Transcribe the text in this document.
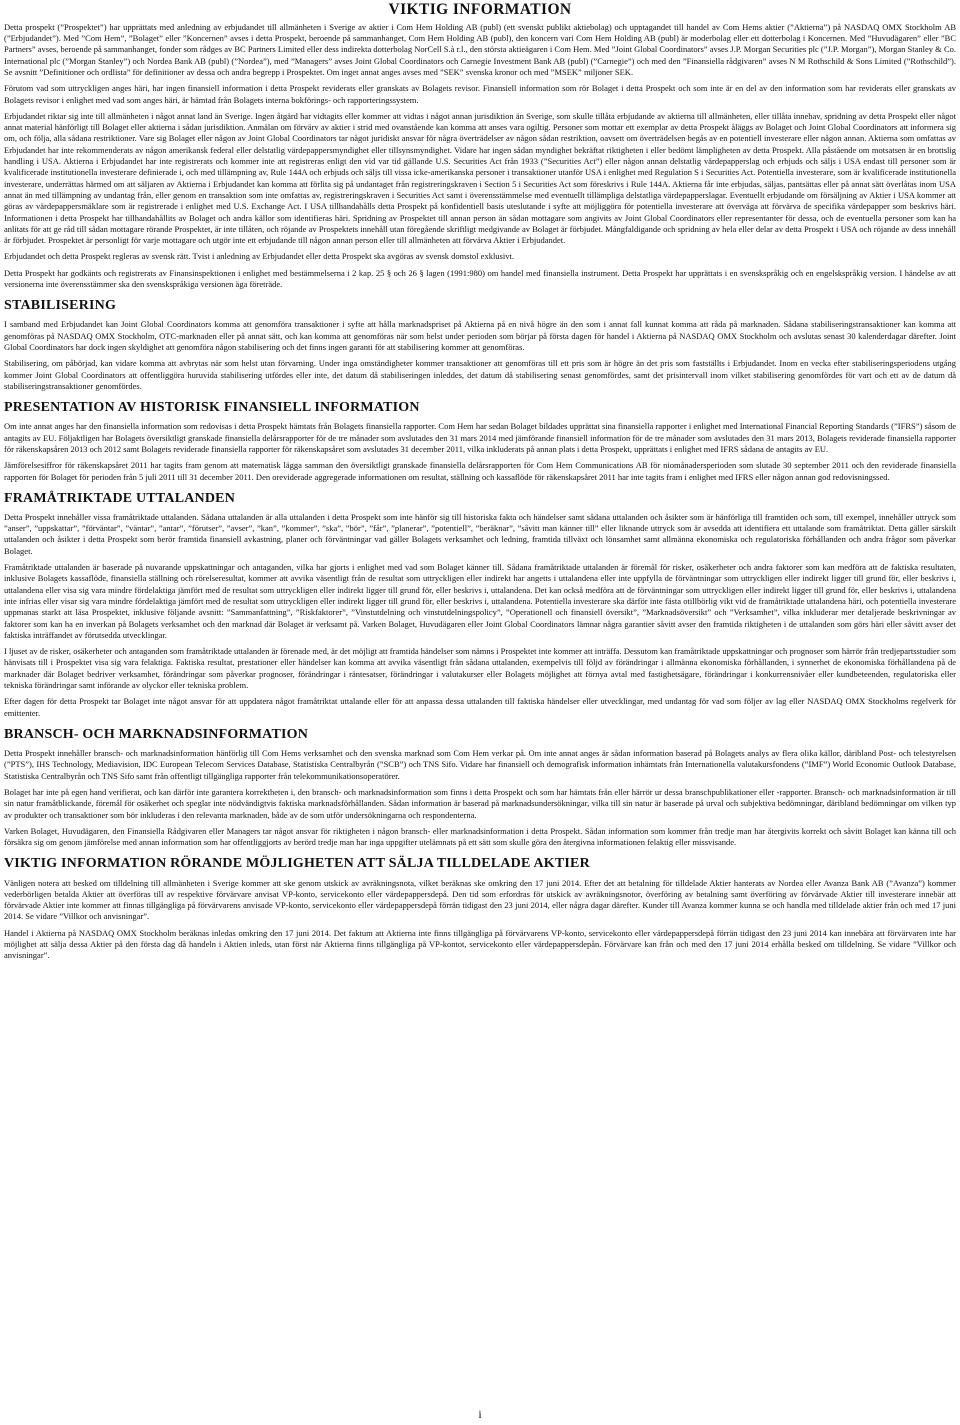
VIKTIG INFORMATION

Detta prospekt (”Prospektet”) har upprättats med anledning av erbjudandet till allmänheten i Sverige av aktier i Com Hem Holding AB (publ) (ett svenskt publikt aktiebolag) och upptagandet till handel av Com Hems aktier (”Aktierna”) på NASDAQ OMX Stockholm AB (”Erbjudandet”). Med ”Com Hem”, ”Bolaget” eller ”Koncernen” avses i detta Prospekt, beroende på sammanhanget, Com Hem Holding AB (publ), den koncern vari Com Hem Holding AB (publ) är moderbolag eller ett dotterbolag i Koncernen. Med ”Huvudägaren” eller ”BC Partners” avses, beroende på sammanhanget, fonder som rådges av BC Partners Limited eller dess indirekta dotterbolag NorCell S.à r.l., den största aktieägaren i Com Hem. Med ”Joint Global Coordinators” avses J.P. Morgan Securities plc (”J.P. Morgan”), Morgan Stanley & Co. International plc (”Morgan Stanley”) och Nordea Bank AB (publ) (”Nordea”), med ”Managers” avses Joint Global Coordinators och Carnegie Investment Bank AB (publ) (”Carnegie”) och med den ”Finansiella rådgivaren” avses N M Rothschild & Sons Limited (”Rothschild”). Se avsnitt ”Definitioner och ordlista” för definitioner av dessa och andra begrepp i Prospektet. Om inget annat anges avses med ”SEK” svenska kronor och med ”MSEK” miljoner SEK.

Förutom vad som uttryckligen anges häri, har ingen finansiell information i detta Prospekt reviderats eller granskats av Bolagets revisor. Finansiell information som rör Bolaget i detta Prospekt och som inte är en del av den information som har reviderats eller granskats av Bolagets revisor i enlighet med vad som anges häri, är hämtad från Bolagets interna bokförings- och rapporteringssystem.

Erbjudandet riktar sig inte till allmänheten i något annat land än Sverige. Ingen åtgärd har vidtagits eller kommer att vidtas i något annan jurisdiktion än Sverige, som skulle tillåta erbjudande av aktierna till allmänheten, eller tillåta innehav, spridning av detta Prospekt eller något annat material hänförligt till Bolaget eller aktierna i sådan jurisdiktion. Anmälan om förvärv av aktier i strid med ovanstående kan komma att anses vara ogiltig. Personer som mottar ett exemplar av detta Prospekt åläggs av Bolaget och Joint Global Coordinators att informera sig om, och följa, alla sådana restriktioner. Vare sig Bolaget eller någon av Joint Global Coordinators tar något juridiskt ansvar för några överträdelser av någon sådan restriktion, oavsett om överträdelsen begås av en potentiell investerare eller någon annan. Aktierna som omfattas av Erbjudandet har inte rekommenderats av någon amerikansk federal eller delstatlig värdepappersmyndighet eller tillsynsmyndighet. Vidare har ingen sådan myndighet bekräftat riktigheten i eller bedömt lämpligheten av detta Prospekt. Alla påstående om motsatsen är en brottslig handling i USA. Aktierna i Erbjudandet har inte registrerats och kommer inte att registreras enligt den vid var tid gällande U.S. Securities Act från 1933 (”Securities Act”) eller någon annan delstatlig värdepapperslag och erbjuds och säljs i USA endast till personer som är kvalificerade institutionella investerare definierade i, och med tillämpning av, Rule 144A och erbjuds och säljs till vissa icke-amerikanska personer i transaktioner utanför USA i enlighet med Regulation S i Securities Act. Potentiella investerare, som är kvalificerade institutionella investerare, underrättas härmed om att säljaren av Aktierna i Erbjudandet kan komma att förlita sig på undantaget från registreringskraven i Section 5 i Securities Act som föreskrivs i Rule 144A. Aktierna får inte erbjudas, säljas, pantsättas eller på annat sätt överlåtas inom USA annat än med tillämpning av undantag från, eller genom en transaktion som inte omfattas av, registreringskraven i Securities Act samt i överensstämmelse med eventuellt tillämpliga delstatliga värdepapperslagar. Eventuellt erbjudande om försäljning av Aktier i USA kommer att göras av värdepappersmäklare som är registrerade i enlighet med U.S. Exchange Act. I USA tillhandahålls detta Prospekt på konfidentiell basis uteslutande i syfte att möjliggöra för potentiella investerare att överväga att förvärva de specifika värdepapper som beskrivs häri. Informationen i detta Prospekt har tillhandahållits av Bolaget och andra källor som identifieras häri. Spridning av Prospektet till annan person än sådan mottagare som angivits av Joint Global Coordinators eller representanter för dessa, och de eventuella personer som kan ha anlitats för att ge råd till sådan mottagare rörande Prospektet, är inte tillåten, och röjande av Prospektets innehåll utan föregående skriftligt medgivande av Bolaget är förbjudet. Mångfaldigande och spridning av hela eller delar av detta Prospekt i USA och röjande av dess innehåll är förbjudet. Prospektet är personligt för varje mottagare och utgör inte ett erbjudande till någon annan person eller till allmänheten att förvärva Aktier i Erbjudandet.

Erbjudandet och detta Prospekt regleras av svensk rätt. Tvist i anledning av Erbjudandet eller detta Prospekt ska avgöras av svensk domstol exklusivt.

Detta Prospekt har godkänts och registrerats av Finansinspektionen i enlighet med bestämmelserna i 2 kap. 25 § och 26 § lagen (1991:980) om handel med finansiella instrument. Detta Prospekt har upprättats i en svenskspråkig och en engelskspråkig version. I händelse av att versionerna inte överensstämmer ska den svenskspråkiga versionen äga företräde.

STABILISERING

I samband med Erbjudandet kan Joint Global Coordinators komma att genomföra transaktioner i syfte att hålla marknadspriset på Aktierna på en nivå högre än den som i annat fall kunnat komma att råda på marknaden. Sådana stabiliseringstransaktioner kan komma att genomföras på NASDAQ OMX Stockholm, OTC-marknaden eller på annat sätt, och kan komma att genomföras när som helst under perioden som börjar på första dagen för handel i Aktierna på NASDAQ OMX Stockholm och avslutas senast 30 kalenderdagar därefter. Joint Global Coordinators har dock ingen skyldighet att genomföra någon stabilisering och det finns ingen garanti för att stabilisering kommer att genomföras.

Stabilisering, om påbörjad, kan vidare komma att avbrytas när som helst utan förvarning. Under inga omständigheter kommer transaktioner att genomföras till ett pris som är högre än det pris som fastställts i Erbjudandet. Inom en vecka efter stabiliseringsperiodens utgång kommer Joint Global Coordinators att offentliggöra huruvida stabilisering utfördes eller inte, det datum då stabiliseringen inleddes, det datum då stabilisering senast genomfördes, samt det prisintervall inom vilket stabilisering genomfördes för vart och ett av de datum då stabiliseringstransaktioner genomfördes.

PRESENTATION AV HISTORISK FINANSIELL INFORMATION

Om inte annat anges har den finansiella information som redovisas i detta Prospekt hämtats från Bolagets finansiella rapporter. Com Hem har sedan Bolaget bildades upprättat sina finansiella rapporter i enlighet med International Financial Reporting Standards (”IFRS”) såsom de antagits av EU. Följaktligen har Bolagets översiktligt granskade finansiella delårsrapporter för de tre månader som avslutades den 31 mars 2014 med jämförande finansiell information för de tre månader som avslutades den 31 mars 2013, Bolagets reviderade finansiella rapporter för räkenskapsåren 2013 och 2012 samt Bolagets reviderade finansiella rapporter för räkenskapsåret som avslutades 31 december 2011, vilka inkluderats på annan plats i detta Prospekt, upprättats i enlighet med IFRS sådana de antagits av EU.

Jämförelsesiffror för räkenskapsåret 2011 har tagits fram genom att matematisk lägga samman den översiktligt granskade finansiella delårsrapporten för Com Hem Communications AB för niomånadersperioden som slutade 30 september 2011 och den reviderade finansiella rapporten för Bolaget för perioden från 5 juli 2011 till 31 december 2011. Den oreviderade aggregerade informationen om resultat, ställning och kassaflöde för räkenskapsåret 2011 har inte tagits fram i enlighet med IFRS eller någon annan god redovisningssed.

FRAMÅTRIKTADE UTTALANDEN

Detta Prospekt innehåller vissa framåtriktade uttalanden. Sådana uttalanden är alla uttalanden i detta Prospekt som inte hänför sig till historiska fakta och händelser samt sådana uttalanden och åsikter som är hänförliga till framtiden och som, till exempel, innehåller uttryck som ”anser”, ”uppskattar”, ”förväntar”, ”väntar”, ”antar”, ”förutser”, ”avser”, ”kan”, ”kommer”, ”ska”, ”bör”, ”får”, ”planerar”, ”potentiell”, ”beräknar”, ”såvitt man känner till” eller liknande uttryck som är avsedda att identifiera ett uttalande som framåtriktat. Detta gäller särskilt uttalanden och åsikter i detta Prospekt som berör framtida finansiell avkastning, planer och förväntningar vad gäller Bolagets verksamhet och ledning, framtida tillväxt och lönsamhet samt allmänna ekonomiska och regulatoriska förhållanden och andra frågor som påverkar Bolaget.

Framåtriktade uttalanden är baserade på nuvarande uppskattningar och antaganden, vilka har gjorts i enlighet med vad som Bolaget känner till. Sådana framåtriktade uttalanden är föremål för risker, osäkerheter och andra faktorer som kan medföra att de faktiska resultaten, inklusive Bolagets kassaflöde, finansiella ställning och rörelseresultat, kommer att avvika väsentligt från de resultat som uttryckligen eller indirekt har angetts i uttalandena eller inte uppfylla de förväntningar som uttryckligen eller indirekt ligger till grund för, eller beskrivs i, uttalandena eller visa sig vara mindre fördelaktiga jämfört med de resultat som uttryckligen eller indirekt ligger till grund för, eller beskrivs i, uttalandena. Det kan också medföra att de förväntningar som uttryckligen eller indirekt ligger till grund för, eller beskrivs i, uttalandena inte infrias eller visar sig vara mindre fördelaktiga jämfört med de resultat som uttryckligen eller indirekt ligger till grund för, eller beskrivs i, uttalandena. Potentiella investerare ska därför inte fästa otillbörlig vikt vid de framåtriktade uttalandena häri, och potentiella investerare uppmanas starkt att läsa Prospektet, inklusive följande avsnitt: ”Sammanfattning”, ”Riskfaktorer”, ”Vinstutdelning och vinstutdelningspolicy”, ”Operationell och finansiell översikt”, ”Marknadsöversikt” och ”Verksamhet”, vilka inkluderar mer detaljerade beskrivningar av faktorer som kan ha en inverkan på Bolagets verksamhet och den marknad där Bolaget är verksamt på. Varken Bolaget, Huvudägaren eller Joint Global Coordinators lämnar några garantier såvitt avser den framtida riktigheten i de uttalanden som görs häri eller såvitt avser det faktiska inträffandet av förutsedda utvecklingar.

I ljuset av de risker, osäkerheter och antaganden som framåtriktade uttalanden är förenade med, är det möjligt att framtida händelser som nämns i Prospektet inte kommer att inträffa. Dessutom kan framåtriktade uppskattningar och prognoser som härrör från tredjepartsstudier som hänvisats till i Prospektet visa sig vara felaktiga. Faktiska resultat, prestationer eller händelser kan komma att avvika väsentligt från sådana uttalanden, exempelvis till följd av förändringar i allmänna ekonomiska förhållanden, i synnerhet de ekonomiska förhållandena på de marknader där Bolaget bedriver verksamhet, förändringar som påverkar prognoser, förändringar i räntesatser, förändringar i valutakurser eller Bolagets möjlighet att förnya avtal med fastighetsägare, förändringar i konkurrensnivåer eller kundbeteenden, regulatoriska eller tekniska förändringar samt införande av olyckor eller tekniska problem.

Efter dagen för detta Prospekt tar Bolaget inte något ansvar för att uppdatera något framåtriktat uttalande eller för att anpassa dessa uttalanden till faktiska händelser eller utvecklingar, med undantag för vad som följer av lag eller NASDAQ OMX Stockholms regelverk för emittenter.

BRANSCH- OCH MARKNADSINFORMATION

Detta Prospekt innehåller bransch- och marknadsinformation hänförlig till Com Hems verksamhet och den svenska marknad som Com Hem verkar på. Om inte annat anges är sådan information baserad på Bolagets analys av flera olika källor, däribland Post- och telestyrelsen (”PTS”), IHS Technology, Mediavision, IDC European Telecom Services Database, Statistiska Centralbyrån (”SCB”) och TNS Sifo. Vidare har finansiell och demografisk information inhämtats från Internationella valutakursfondens (”IMF”) World Economic Outlook Database, Statistiska Centralbyrån och TNS Sifo samt från offentligt tillgängliga rapporter från telekommunikationsoperatörer.

Bolaget har inte på egen hand verifierat, och kan därför inte garantera korrektheten i, den bransch- och marknadsinformation som finns i detta Prospekt och som har hämtats från eller härrör ur dessa branschpublikationer eller -rapporter. Bransch- och marknadsinformation är till sin natur framåtblickande, föremål för osäkerhet och speglar inte nödvändigtvis faktiska marknadsförhållanden. Sådan information är baserad på marknadsundersökningar, vilka till sin natur är baserade på urval och subjektiva bedömningar, däribland bedömningar om vilken typ av produkter och transaktioner som bör inkluderas i den relevanta marknaden, både av de som utför undersökningarna och respondenterna.

Varken Bolaget, Huvudägaren, den Finansiella Rådgivaren eller Managers tar något ansvar för riktigheten i någon bransch- eller marknadsinformation i detta Prospekt. Sådan information som kommer från tredje man har återgivits korrekt och såvitt Bolaget kan känna till och försäkra sig om genom jämförelse med annan information som har offentliggjorts av berörd tredje man har inga uppgifter utelämnats på ett sätt som skulle göra den återgivna informationen felaktig eller missvisande.

VIKTIG INFORMATION RÖRANDE MÖJLIGHETEN ATT SÄLJA TILLDELADE AKTIER

Vänligen notera att besked om tilldelning till allmänheten i Sverige kommer att ske genom utskick av avräkningsnota, vilket beräknas ske omkring den 17 juni 2014. Efter det att betalning för tilldelade Aktier hanterats av Nordea eller Avanza Bank AB (”Avanza”) kommer vederbörligen betalda Aktier att överföras till av respektive förvärvare anvisat VP-konto, servicekonto eller värdepappersdepå. Den tid som erfordras för utskick av avräkningsnotor, överföring av betalning samt överföring av förvärvade Aktier till investerare innebär att förvärvade Aktier inte kommer att finnas tillgängliga på förvärvarens anvisade VP-konto, servicekonto eller värdepappersdepå förrän tidigast den 23 juni 2014, eller några dagar därefter. Kunder till Avanza kommer kunna se och handla med tilldelade aktier från och med 17 juni 2014. Se vidare ”Villkor och anvisningar”.

Handel i Aktierna på NASDAQ OMX Stockholm beräknas inledas omkring den 17 juni 2014. Det faktum att Aktierna inte finns tillgängliga på förvärvarens VP-konto, servicekonto eller värdepappersdepå förrän tidigast den 23 juni 2014 kan innebära att förvärvaren inte har möjlighet att sälja dessa Aktier på den första dag då handeln i Aktien inleds, utan först när Aktierna finns tillgängliga på VP-kontot, servicekonto eller värdepappersdepån. Förvärvare kan från och med den 17 juni 2014 erhålla besked om tilldelning. Se vidare ”Villkor och anvisningar”.

i
